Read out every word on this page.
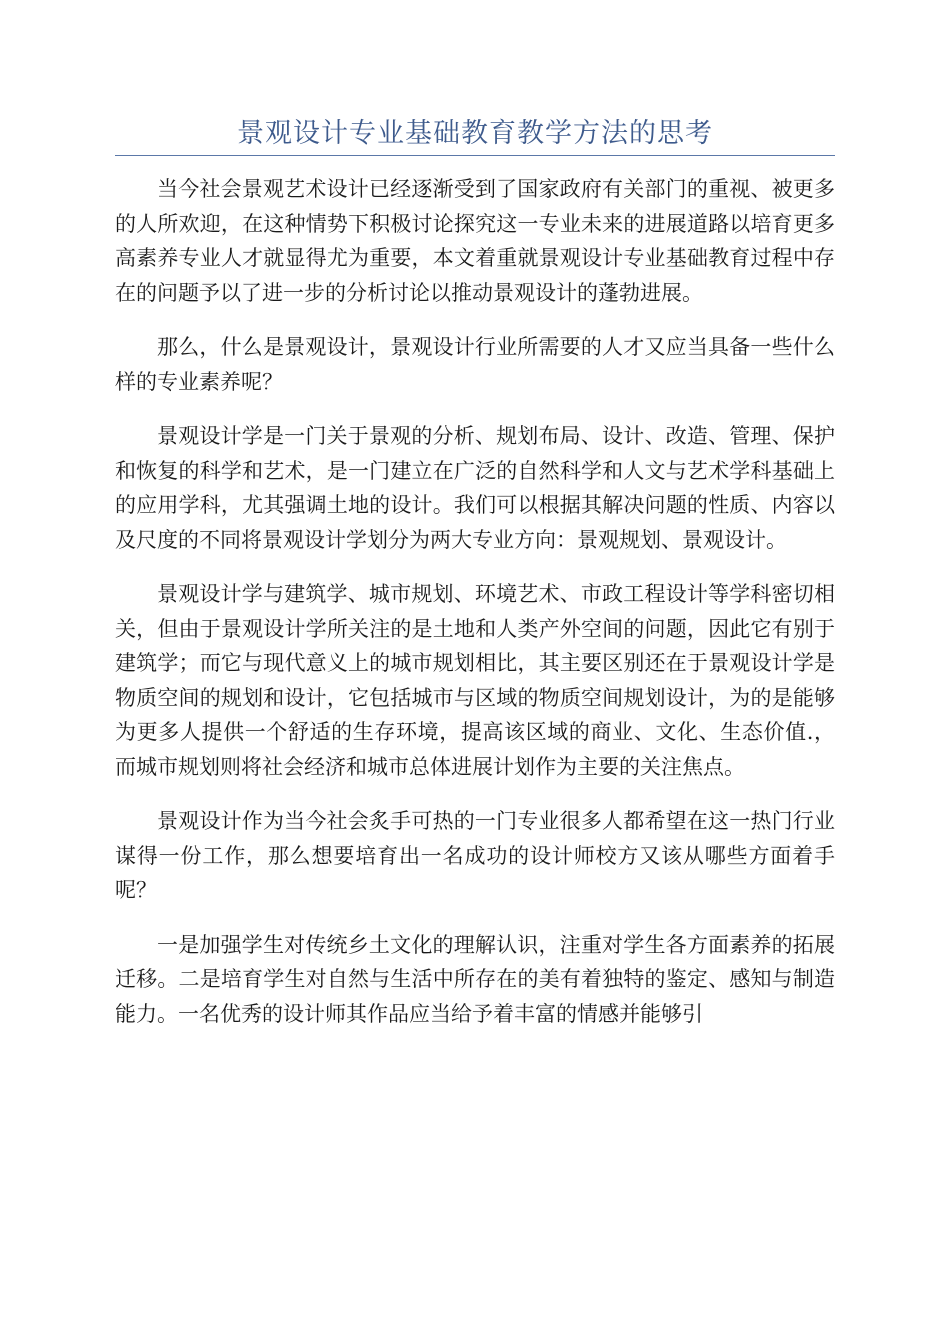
景观设计专业基础教育教学方法的思考

当今社会景观艺术设计已经逐渐受到了国家政府有关部门的重视、被更多的人所欢迎，在这种情势下积极讨论探究这一专业未来的进展道路以培育更多高素养专业人才就显得尤为重要，本文着重就景观设计专业基础教育过程中存在的问题予以了进一步的分析讨论以推动景观设计的蓬勃进展。

那么，什么是景观设计，景观设计行业所需要的人才又应当具备一些什么样的专业素养呢？

景观设计学是一门关于景观的分析、规划布局、设计、改造、管理、保护和恢复的科学和艺术，是一门建立在广泛的自然科学和人文与艺术学科基础上的应用学科，尤其强调土地的设计。我们可以根据其解决问题的性质、内容以及尺度的不同将景观设计学划分为两大专业方向：景观规划、景观设计。

景观设计学与建筑学、城市规划、环境艺术、市政工程设计等学科密切相关，但由于景观设计学所关注的是土地和人类产外空间的问题，因此它有别于建筑学；而它与现代意义上的城市规划相比，其主要区别还在于景观设计学是物质空间的规划和设计，它包括城市与区域的物质空间规划设计，为的是能够为更多人提供一个舒适的生存环境，提高该区域的商业、文化、生态价值.，而城市规划则将社会经济和城市总体进展计划作为主要的关注焦点。

景观设计作为当今社会炙手可热的一门专业很多人都希望在这一热门行业谋得一份工作，那么想要培育出一名成功的设计师校方又该从哪些方面着手呢？

一是加强学生对传统乡土文化的理解认识，注重对学生各方面素养的拓展迁移。二是培育学生对自然与生活中所存在的美有着独特的鉴定、感知与制造能力。一名优秀的设计师其作品应当给予着丰富的情感并能够引
